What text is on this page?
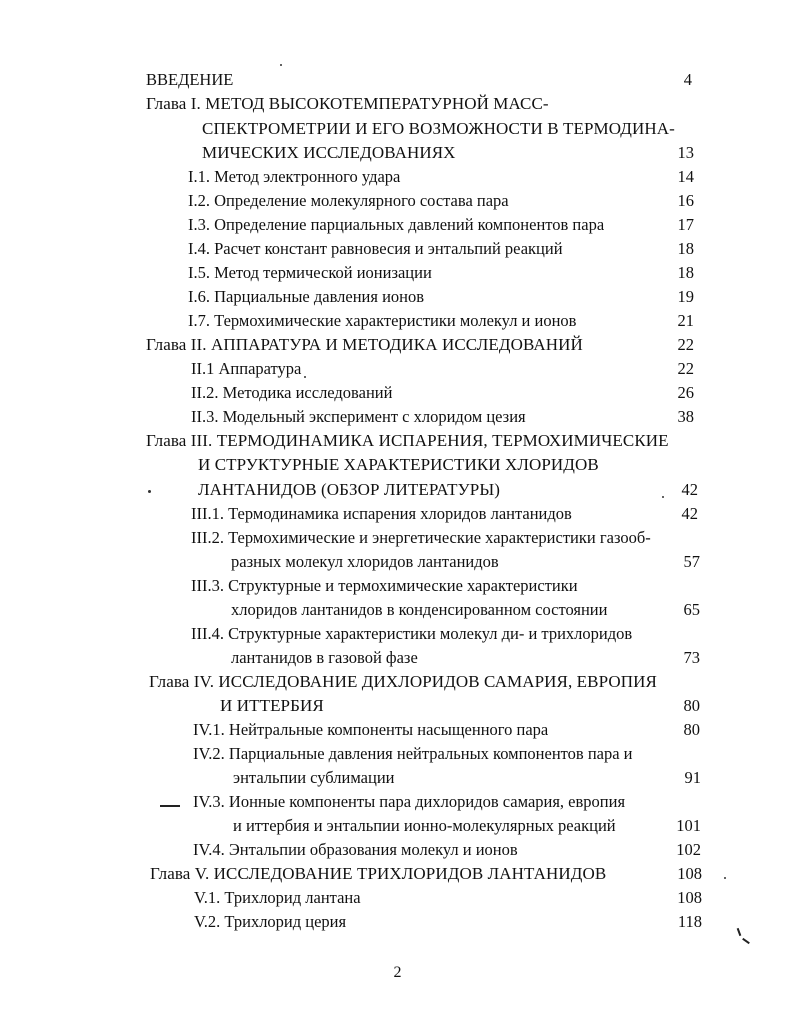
ВВЕДЕНИЕ	4
Глава I. МЕТОД ВЫСОКОТЕМПЕРАТУРНОЙ МАСС-
СПЕКТРОМЕТРИИ И ЕГО ВОЗМОЖНОСТИ В ТЕРМОДИНА-
МИЧЕСКИХ ИССЛЕДОВАНИЯХ	13
I.1. Метод электронного удара	14
I.2. Определение молекулярного состава пара	16
I.3. Определение парциальных давлений компонентов пара	17
I.4. Расчет констант равновесия и энтальпий реакций	18
I.5. Метод термической ионизации	18
I.6. Парциальные давления ионов	19
I.7. Термохимические характеристики молекул и ионов	21
Глава II. АППАРАТУРА И МЕТОДИКА ИССЛЕДОВАНИЙ	22
II.1 Аппаратура	22
II.2. Методика исследований	26
II.3. Модельный эксперимент с хлоридом цезия	38
Глава III. ТЕРМОДИНАМИКА ИСПАРЕНИЯ, ТЕРМОХИМИЧЕСКИЕ
И СТРУКТУРНЫЕ ХАРАКТЕРИСТИКИ ХЛОРИДОВ
ЛАНТАНИДОВ (ОБЗОР ЛИТЕРАТУРЫ)	42
III.1. Термодинамика испарения хлоридов лантанидов	42
III.2. Термохимические и энергетические характеристики газооб-
разных молекул хлоридов лантанидов	57
III.3. Структурные и термохимические характеристики
хлоридов лантанидов в конденсированном состоянии	65
III.4. Структурные характеристики молекул ди- и трихлоридов
лантанидов в газовой фазе	73
Глава IV. ИССЛЕДОВАНИЕ ДИХЛОРИДОВ САМАРИЯ, ЕВРОПИЯ
И ИТТЕРБИЯ	80
IV.1. Нейтральные компоненты насыщенного пара	80
IV.2. Парциальные давления нейтральных компонентов пара и
энтальпии сублимации	91
IV.3. Ионные компоненты пара дихлоридов самария, европия
и иттербия и энтальпии ионно-молекулярных реакций	101
IV.4. Энтальпии образования молекул и ионов	102
Глава V. ИССЛЕДОВАНИЕ ТРИХЛОРИДОВ ЛАНТАНИДОВ	108
V.1. Трихлорид лантана	108
V.2. Трихлорид церия	118
2
